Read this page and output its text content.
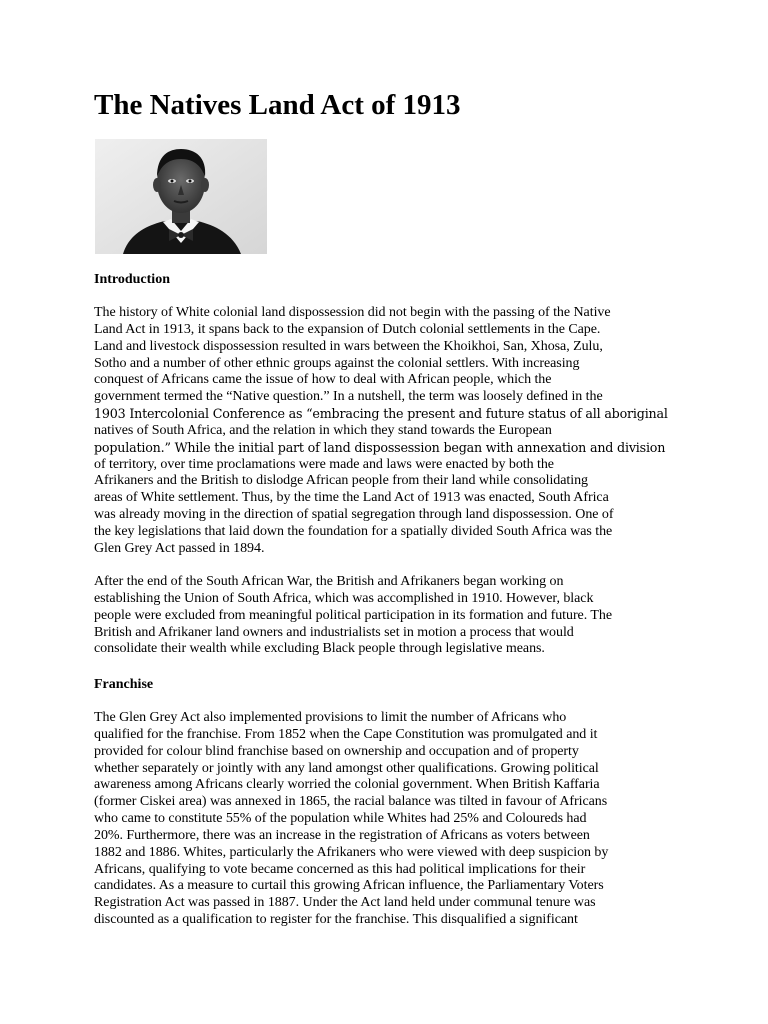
The Natives Land Act of 1913
Introduction

The history of White colonial land dispossession did not begin with the passing of the Native
Land Act in 1913, it spans back to the expansion of Dutch colonial settlements in the Cape.
Land and livestock dispossession resulted in wars between the Khoikhoi, San, Xhosa, Zulu,
Sotho and a number of other ethnic groups against the colonial settlers. With increasing
conquest of Africans came the issue of how to deal with African people, which the
government termed the “Native question.” In a nutshell, the term was loosely defined in the
1903 Intercolonial Conference as “embracing the present and future status of all aboriginal
natives of South Africa, and the relation in which they stand towards the European
population.” While the initial part of land dispossession began with annexation and division
of territory, over time proclamations were made and laws were enacted by both the
Afrikaners and the British to dislodge African people from their land while consolidating
areas of White settlement. Thus, by the time the Land Act of 1913 was enacted, South Africa
was already moving in the direction of spatial segregation through land dispossession. One of
the key legislations that laid down the foundation for a spatially divided South Africa was the
Glen Grey Act passed in 1894.

After the end of the South African War, the British and Afrikaners began working on
establishing the Union of South Africa, which was accomplished in 1910. However, black
people were excluded from meaningful political participation in its formation and future. The
British and Afrikaner land owners and industrialists set in motion a process that would
consolidate their wealth while excluding Black people through legislative means.

Franchise

The Glen Grey Act also implemented provisions to limit the number of Africans who
qualified for the franchise. From 1852 when the Cape Constitution was promulgated and it
provided for colour blind franchise based on ownership and occupation and of property
whether separately or jointly with any land amongst other qualifications. Growing political
awareness among Africans clearly worried the colonial government. When British Kaffaria
(former Ciskei area) was annexed in 1865, the racial balance was tilted in favour of Africans
who came to constitute 55% of the population while Whites had 25% and Coloureds had
20%. Furthermore, there was an increase in the registration of Africans as voters between
1882 and 1886. Whites, particularly the Afrikaners who were viewed with deep suspicion by
Africans, qualifying to vote became concerned as this had political implications for their
candidates. As a measure to curtail this growing African influence, the Parliamentary Voters
Registration Act was passed in 1887. Under the Act land held under communal tenure was
discounted as a qualification to register for the franchise. This disqualified a significant
